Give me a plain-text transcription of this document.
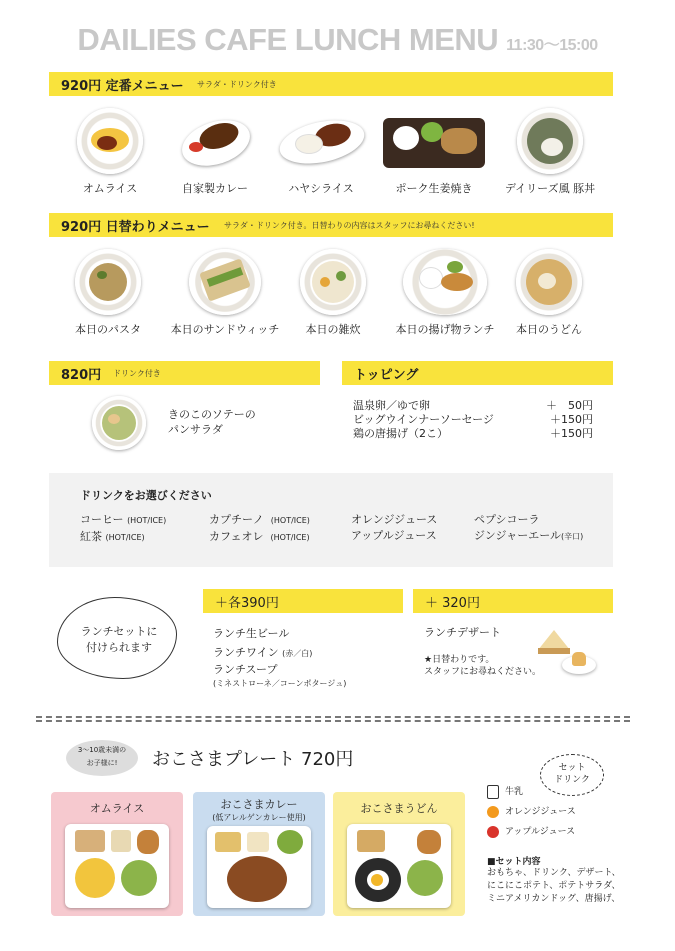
DAILIES CAFE LUNCH MENU 11:30〜15:00
920円 定番メニュー サラダ・ドリンク付き
オムライス	自家製カレー	ハヤシライス	ポーク生姜焼き	デイリーズ風 豚丼
920円 日替わりメニュー サラダ・ドリンク付き。日替わりの内容はスタッフにお尋ねください!
本日のパスタ	本日のサンドウィッチ	本日の雑炊	本日の揚げ物ランチ	本日のうどん
820円 ドリンク付き
きのこのソテーの
パンサラダ
トッピング
温泉卵／ゆで卵	＋　50円
ビッグウインナーソーセージ	＋150円
鶏の唐揚げ（2こ）	＋150円
ドリンクをお選びください
コーヒー (HOT/ICE)
紅茶 (HOT/ICE)
カプチーノ (HOT/ICE)
カフェオレ (HOT/ICE)
オレンジジュース
アップルジュース
ペプシコーラ
ジンジャーエール(辛口)
ランチセットに
付けられます
＋各390円
ランチ生ビール
ランチワイン (赤／白)
ランチスープ
(ミネストローネ／コーンポタージュ)
＋ 320円
ランチデザート
★日替わりです。
スタッフにお尋ねください。
3〜10歳未満の
お子様に!	おこさまプレート 720円
オムライス	おこさまカレー
(低アレルゲンカレー使用)
おこさまうどん
セット
ドリンク
牛乳
オレンジジュース
アップルジュース
■セット内容
おもちゃ、ドリンク、デザート、
にこにこポテト、ポテトサラダ、
ミニアメリカンドッグ、唐揚げ、
